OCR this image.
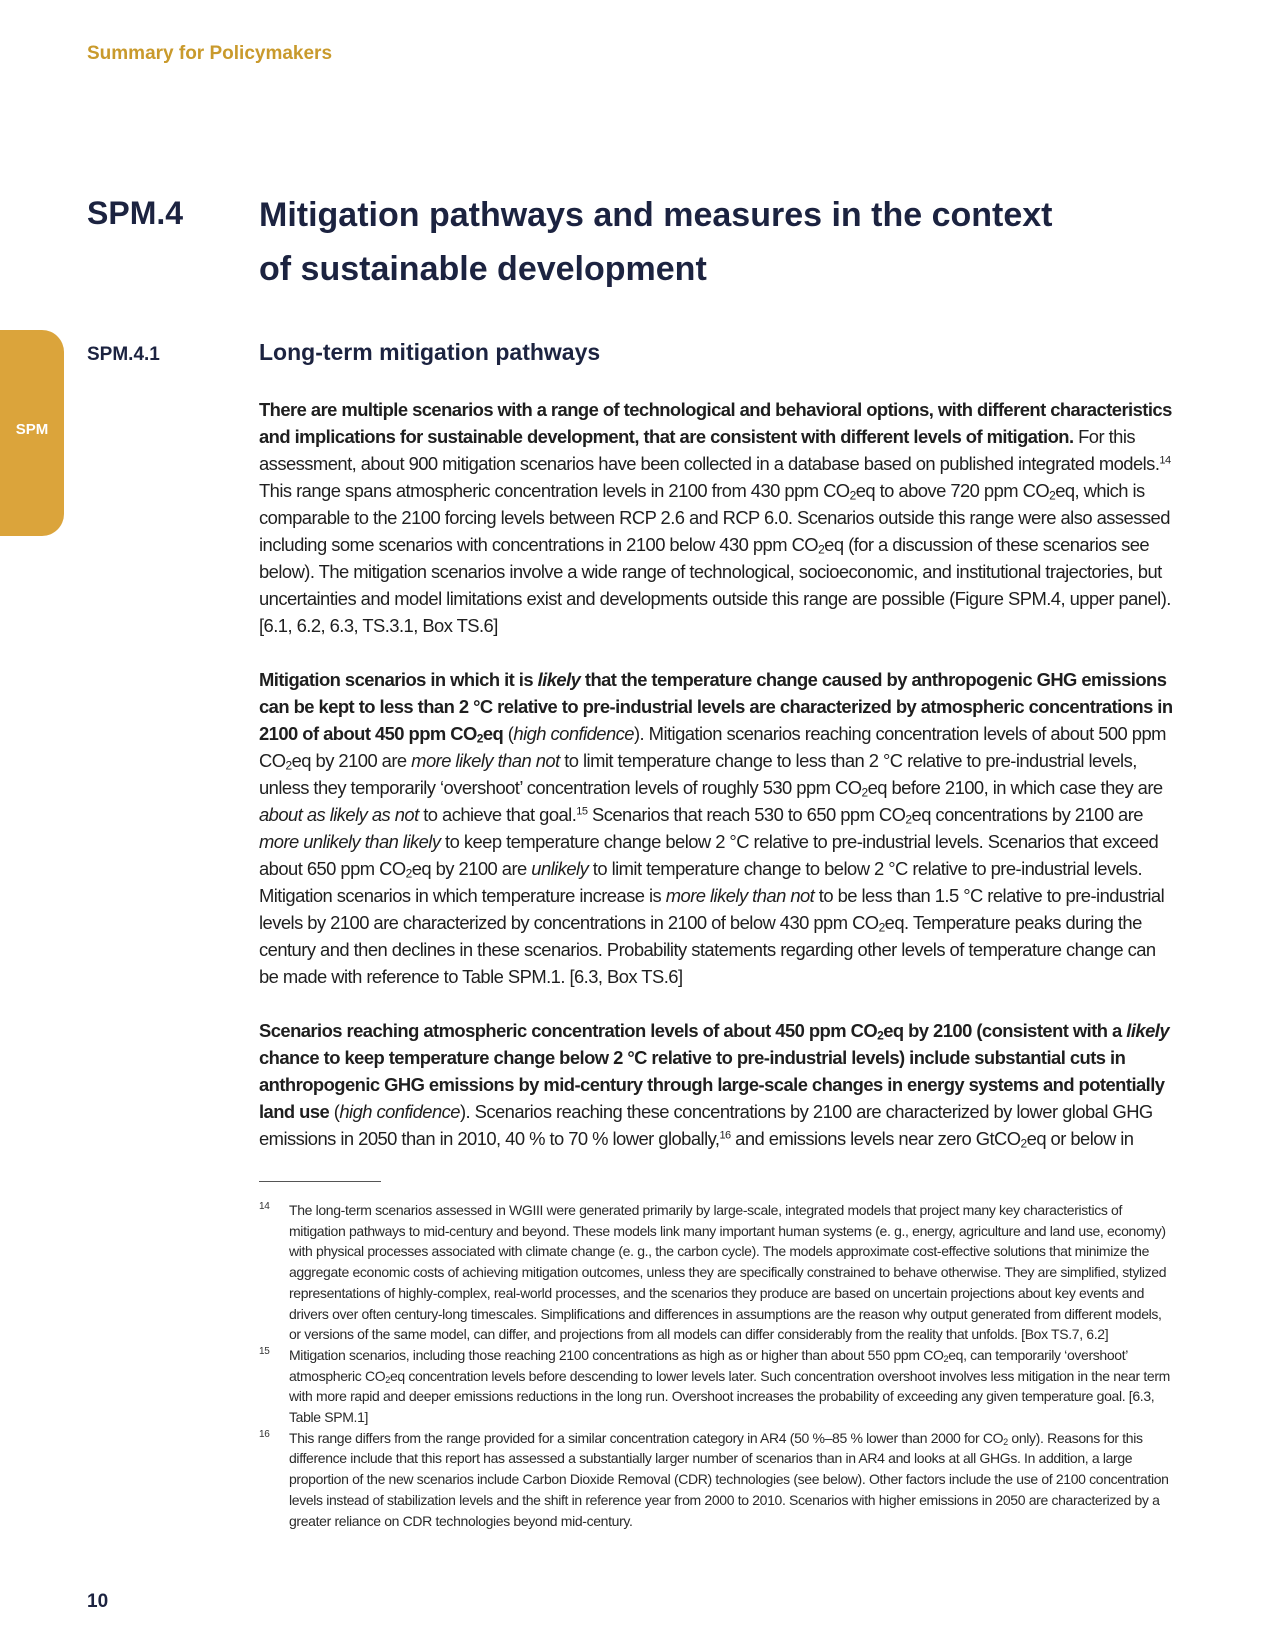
Summary for Policymakers
SPM.4 Mitigation pathways and measures in the context
of sustainable development
SPM
SPM.4.1	Long-term mitigation pathways

There are multiple scenarios with a range of technological and behavioral options, with different characteristics and implications for sustainable development, that are consistent with different levels of mitigation. For this assessment, about 900 mitigation scenarios have been collected in a database based on published integrated models.$^{14}$ This range spans atmospheric concentration levels in 2100 from 430 ppm $CO_2eq$ to above 720 ppm $CO_2eq$, which is comparable to the 2100 forcing levels between RCP 2.6 and RCP 6.0. Scenarios outside this range were also assessed including some scenarios with concentrations in 2100 below 430 ppm $CO_2eq$ (for a discussion of these scenarios see below). The mitigation scenarios involve a wide range of technological, socioeconomic, and institutional trajectories, but uncertainties and model limitations exist and developments outside this range are possible (Figure SPM.4, upper panel).
[6.1, 6.2, 6.3, TS.3.1, Box TS.6]

Mitigation scenarios in which it is likely that the temperature change caused by anthropogenic GHG emissions can be kept to less than 2 °C relative to pre-industrial levels are characterized by atmospheric concentrations in 2100 of about 450 ppm $CO_2eq$ (high confidence). Mitigation scenarios reaching concentration levels of about 500 ppm $CO_2eq$ by 2100 are more likely than not to limit temperature change to less than 2 °C relative to pre-industrial levels, unless they temporarily ‘overshoot’ concentration levels of roughly 530 ppm $CO_2eq$ before 2100, in which case they are about as likely as not to achieve that goal.$^{15}$ Scenarios that reach 530 to 650 ppm $CO_2eq$ concentrations by 2100 are more unlikely than likely to keep temperature change below 2 °C relative to pre-industrial levels. Scenarios that exceed about 650 ppm $CO_2eq$ by 2100 are unlikely to limit temperature change to below 2 °C relative to pre-industrial levels. Mitigation scenarios in which temperature increase is more likely than not to be less than 1.5 °C relative to pre-industrial levels by 2100 are characterized by concentrations in 2100 of below 430 ppm $CO_2eq$. Temperature peaks during the century and then declines in these scenarios. Probability statements regarding other levels of temperature change can be made with reference to Table SPM.1. [6.3, Box TS.6]

Scenarios reaching atmospheric concentration levels of about 450 ppm $CO_2eq$ by 2100 (consistent with a likely chance to keep temperature change below 2 °C relative to pre-industrial levels) include substantial cuts in anthropogenic GHG emissions by mid-century through large-scale changes in energy systems and potentially land use (high confidence). Scenarios reaching these concentrations by 2100 are characterized by lower global GHG emissions in 2050 than in 2010, 40 % to 70 % lower globally,$^{16}$ and emissions levels near zero GtCO$_2$eq or below in

14 The long-term scenarios assessed in WGIII were generated primarily by large-scale, integrated models that project many key characteristics of mitigation pathways to mid-century and beyond. These models link many important human systems (e. g., energy, agriculture and land use, economy) with physical processes associated with climate change (e. g., the carbon cycle). The models approximate cost-effective solutions that minimize the aggregate economic costs of achieving mitigation outcomes, unless they are specifically constrained to behave otherwise. They are simplified, stylized representations of highly-complex, real-world processes, and the scenarios they produce are based on uncertain projections about key events and drivers over often century-long timescales. Simplifications and differences in assumptions are the reason why output generated from different models, or versions of the same model, can differ, and projections from all models can differ considerably from the reality that unfolds. [Box TS.7, 6.2]
15 Mitigation scenarios, including those reaching 2100 concentrations as high as or higher than about 550 ppm $CO_2eq$, can temporarily ‘overshoot’ atmospheric $CO_2eq$ concentration levels before descending to lower levels later. Such concentration overshoot involves less mitigation in the near term with more rapid and deeper emissions reductions in the long run. Overshoot increases the probability of exceeding any given temperature goal. [6.3, Table SPM.1]
16 This range differs from the range provided for a similar concentration category in AR4 (50 %–85 % lower than 2000 for $CO_2$ only). Reasons for this difference include that this report has assessed a substantially larger number of scenarios than in AR4 and looks at all GHGs. In addition, a large proportion of the new scenarios include Carbon Dioxide Removal (CDR) technologies (see below). Other factors include the use of 2100 concentration levels instead of stabilization levels and the shift in reference year from 2000 to 2010. Scenarios with higher emissions in 2050 are characterized by a greater reliance on CDR technologies beyond mid-century.
10
